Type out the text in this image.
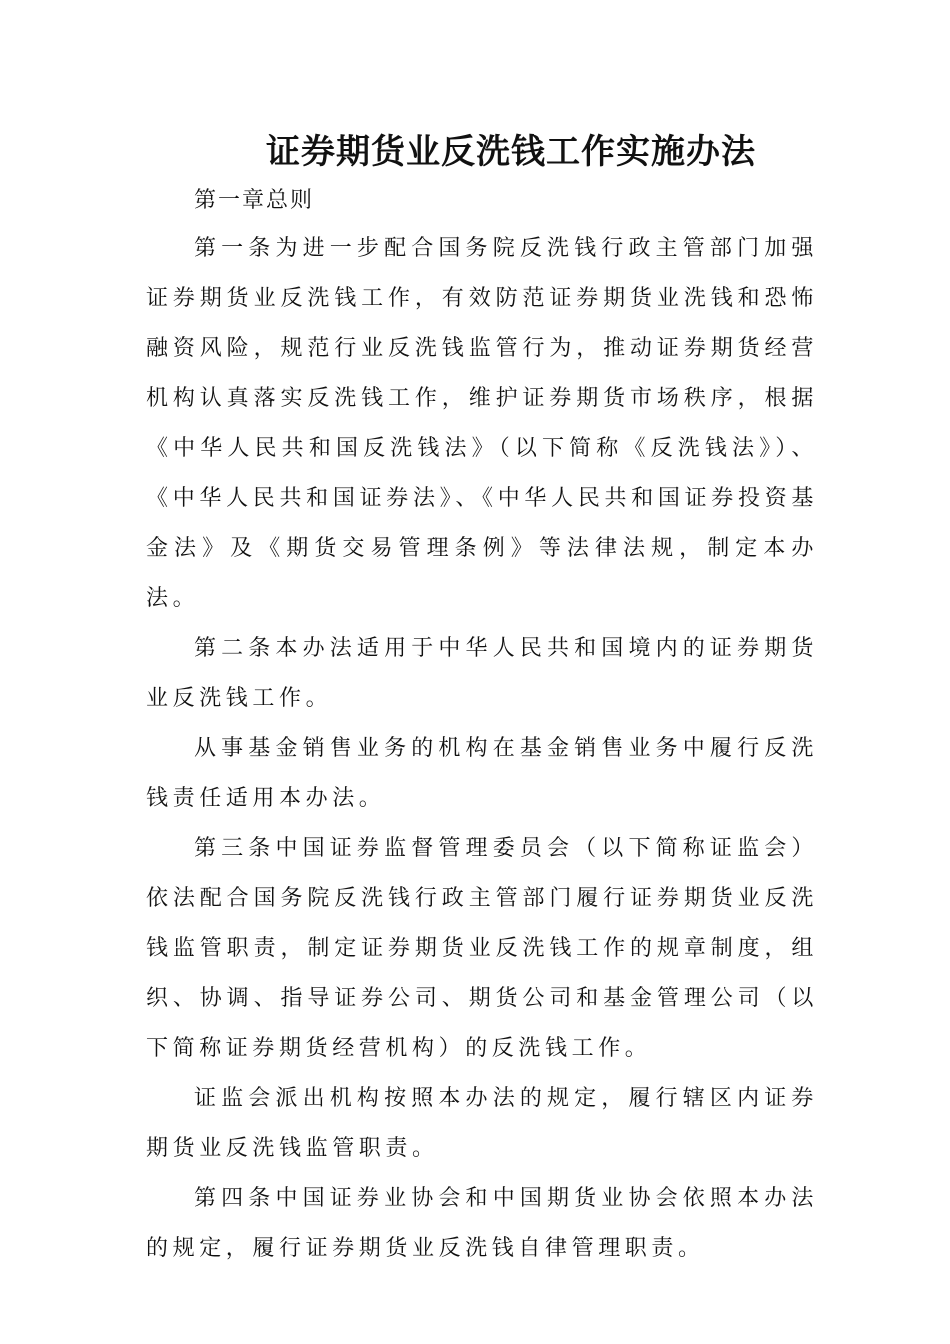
证券期货业反洗钱工作实施办法

第一章总则

第一条为进一步配合国务院反洗钱行政主管部门加强证券期货业反洗钱工作，有效防范证券期货业洗钱和恐怖融资风险，规范行业反洗钱监管行为，推动证券期货经营机构认真落实反洗钱工作，维护证券期货市场秩序，根据《中华人民共和国反洗钱法》（以下简称《反洗钱法》）、《中华人民共和国证券法》、《中华人民共和国证券投资基金法》及《期货交易管理条例》等法律法规，制定本办法。

第二条本办法适用于中华人民共和国境内的证券期货业反洗钱工作。

从事基金销售业务的机构在基金销售业务中履行反洗钱责任适用本办法。

第三条中国证券监督管理委员会（以下简称证监会）依法配合国务院反洗钱行政主管部门履行证券期货业反洗钱监管职责，制定证券期货业反洗钱工作的规章制度，组织、协调、指导证券公司、期货公司和基金管理公司（以下简称证券期货经营机构）的反洗钱工作。

证监会派出机构按照本办法的规定，履行辖区内证券期货业反洗钱监管职责。

第四条中国证券业协会和中国期货业协会依照本办法的规定，履行证券期货业反洗钱自律管理职责。
